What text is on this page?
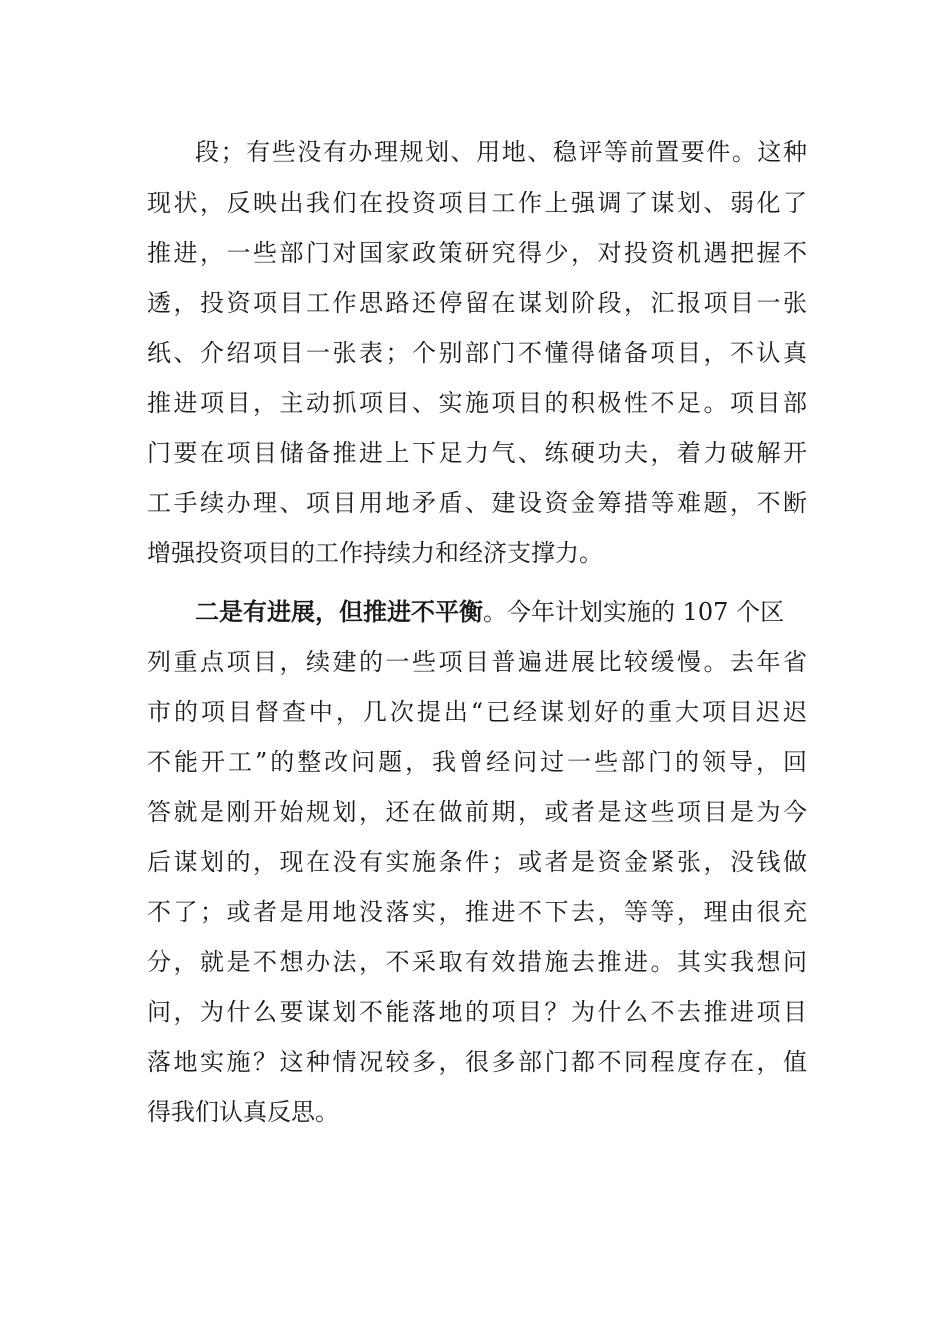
段；有些没有办理规划、用地、稳评等前置要件。这种
现状，反映出我们在投资项目工作上强调了谋划、弱化了
推进，一些部门对国家政策研究得少，对投资机遇把握不
透，投资项目工作思路还停留在谋划阶段，汇报项目一张
纸、介绍项目一张表；个别部门不懂得储备项目，不认真
推进项目，主动抓项目、实施项目的积极性不足。项目部
门要在项目储备推进上下足力气、练硬功夫，着力破解开
工手续办理、项目用地矛盾、建设资金筹措等难题，不断
增强投资项目的工作持续力和经济支撑力。
二是有进展，但推进不平衡。今年计划实施的 107 个区
列重点项目，续建的一些项目普遍进展比较缓慢。去年省
市的项目督查中，几次提出“已经谋划好的重大项目迟迟
不能开工”的整改问题，我曾经问过一些部门的领导，回
答就是刚开始规划，还在做前期，或者是这些项目是为今
后谋划的，现在没有实施条件；或者是资金紧张，没钱做
不了；或者是用地没落实，推进不下去，等等，理由很充
分，就是不想办法，不采取有效措施去推进。其实我想问
问，为什么要谋划不能落地的项目？为什么不去推进项目
落地实施？这种情况较多，很多部门都不同程度存在，值
得我们认真反思。
